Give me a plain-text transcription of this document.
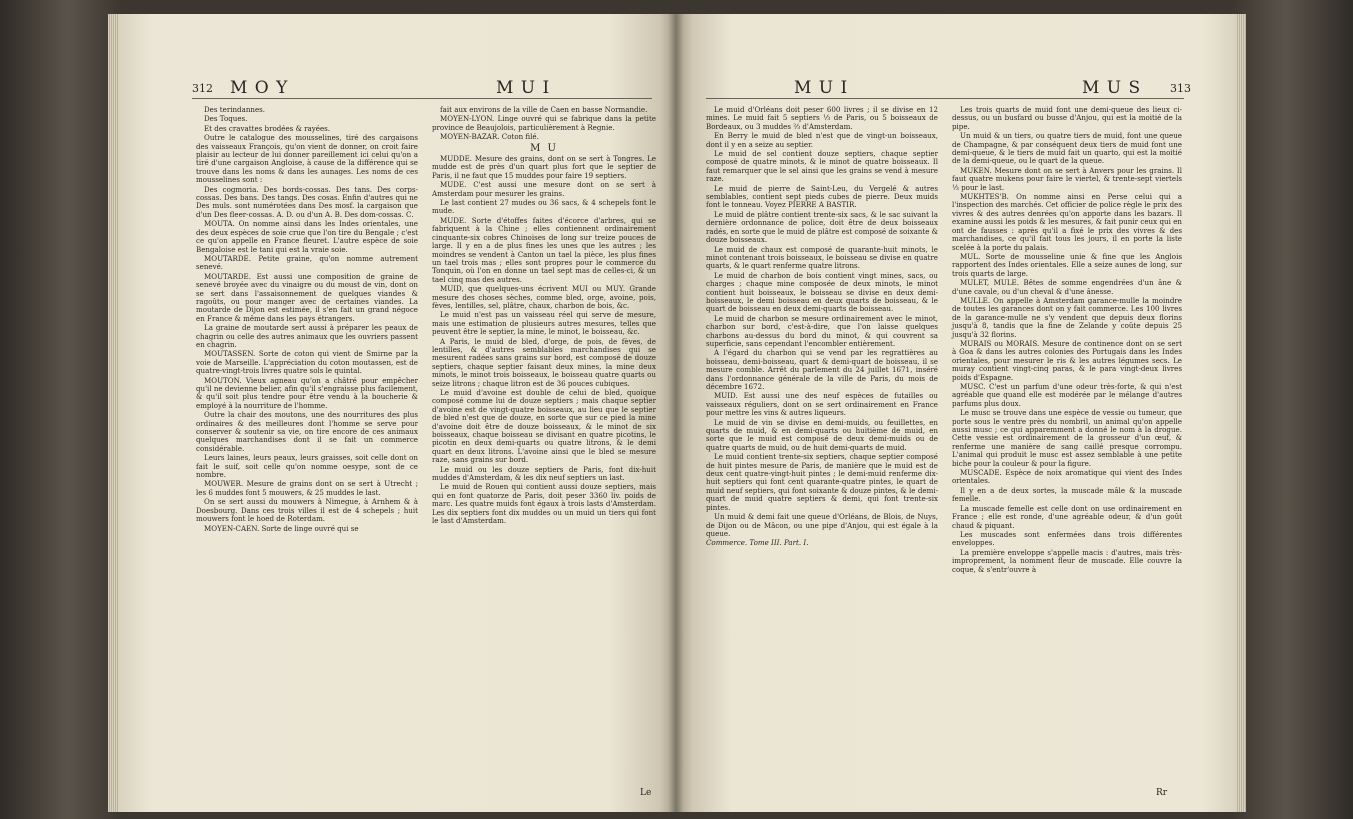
312 M O Y	M U I

Des terindannes.

Des Toques.

Et des cravattes brodées & rayées.

Outre le catalogue des mousselines, tiré des cargaisons des vaisseaux François, qu'on vient de donner, on croit faire plaisir au lecteur de lui donner pareillement ici celui qu'on a tiré d'une cargaison Angloise, à cause de la différence qui se trouve dans les noms & dans les aunages. Les noms de ces mousselines sont :

Des cogmoria. Des bords-cossas. Des tans. Des corps-cossas. Des bans. Des tangs. Des cosas. Enfin d'autres qui ne Des muls. sont numérotées dans Des mosf. la cargaison que d'un Des fleer-cossas. A. D. ou d'un A. B. Des dom-cossas. C.

MOUTA. On nomme ainsi dans les Indes orientales, une des deux espèces de soie crue que l'on tire du Bengale ; c'est ce qu'on appelle en France fleuret. L'autre espèce de soie Bengaloise est le tani qui est la vraie soie.

MOUTARDE. Petite graine, qu'on nomme autrement senevé.

MOUTARDE. Est aussi une composition de graine de senevé broyée avec du vinaigre ou du moust de vin, dont on se sert dans l'assaisonnement de quelques viandes & ragoûts, ou pour manger avec de certaines viandes. La moutarde de Dijon est estimée, il s'en fait un grand négoce en France & même dans les pays étrangers.

La graine de moutarde sert aussi à préparer les peaux de chagrin ou celle des autres animaux que les ouvriers passent en chagrin.

MOUTASSEN. Sorte de coton qui vient de Smirne par la voie de Marseille. L'appréciation du coton moutassen, est de quatre-vingt-trois livres quatre sols le quintal.

MOUTON. Vieux agneau qu'on a châtré pour empêcher qu'il ne devienne belier, afin qu'il s'engraisse plus facilement, & qu'il soit plus tendre pour être vendu à la boucherie & employé à la nourriture de l'homme.

Outre la chair des moutons, une des nourritures des plus ordinaires & des meilleures dont l'homme se serve pour conserver & soutenir sa vie, on tire encore de ces animaux quelques marchandises dont il se fait un commerce considérable.

Leurs laines, leurs peaux, leurs graisses, soit celle dont on fait le suif, soit celle qu'on nomme oesype, sont de ce nombre.

MOUWER. Mesure de grains dont on se sert à Utrecht ; les 6 muddes font 5 mouwers, & 25 muddes le last.

On se sert aussi du mouwers à Nimegue, à Arnhem & à Doesbourg. Dans ces trois villes il est de 4 schepels ; huit mouwers font le hoed de Roterdam.

MOYEN-CAEN. Sorte de linge ouvré qui se

fait aux environs de la ville de Caen en basse Normandie.

MOYEN-LYON. Linge ouvré qui se fabrique dans la petite province de Beaujolois, particulièrement à Regnie.

MOYEN-BAZAR. Coton filé.

M U

MUDDE. Mesure des grains, dont on se sert à Tongres. Le mudde est de près d'un quart plus fort que le septier de Paris, il ne faut que 15 muddes pour faire 19 septiers.

MUDE. C'est aussi une mesure dont on se sert à Amsterdam pour mesurer les grains.

Le last contient 27 mudes ou 36 sacs, & 4 schepels font le mude.

MUDE. Sorte d'étoffes faites d'écorce d'arbres, qui se fabriquent à la Chine ; elles contiennent ordinairement cinquante-six cobres Chinoises de long sur treize pouces de large. Il y en a de plus fines les unes que les autres ; les moindres se vendent à Canton un tael la pièce, les plus fines un tael trois mas ; elles sont propres pour le commerce du Tonquin, où l'on en donne un tael sept mas de celles-ci, & un tael cinq mas des autres.

MUID, que quelques-uns écrivent MUI ou MUY. Grande mesure des choses sèches, comme bled, orge, avoine, pois, fèves, lentilles, sel, plâtre, chaux, charbon de bois, &c.

Le muid n'est pas un vaisseau réel qui serve de mesure, mais une estimation de plusieurs autres mesures, telles que peuvent être le septier, la mine, le minot, le boisseau, &c.

A Paris, le muid de bled, d'orge, de pois, de fèves, de lentilles, & d'autres semblables marchandises qui se mesurent radées sans grains sur bord, est composé de douze septiers, chaque septier faisant deux mines, la mine deux minots, le minot trois boisseaux, le boisseau quatre quarts ou seize litrons ; chaque litron est de 36 pouces cubiques.

Le muid d'avoine est double de celui de bled, quoique composé comme lui de douze septiers ; mais chaque septier d'avoine est de vingt-quatre boisseaux, au lieu que le septier de bled n'est que de douze, en sorte que sur ce pied la mine d'avoine doit être de douze boisseaux, & le minot de six boisseaux, chaque boisseau se divisant en quatre picotins, le picotin en deux demi-quarts ou quatre litrons, & le demi quart en deux litrons. L'avoine ainsi que le bled se mesure raze, sans grains sur bord.

Le muid ou les douze septiers de Paris, font dix-huit muddes d'Amsterdam, & les dix neuf septiers un last.

Le muid de Rouen qui contient aussi douze septiers, mais qui en font quatorze de Paris, doit peser 3360 liv. poids de marc. Les quatre muids font égaux à trois lasts d'Amsterdam. Les dix septiers font dix muddes ou un muid un tiers qui font le last d'Amsterdam.

Le
M U I	M U S	313

Le muid d'Orléans doit peser 600 livres ; il se divise en 12 mines. Le muid fait 5 septiers ⅓ de Paris, ou 5 boisseaux de Bordeaux, ou 3 muddes ⅔ d'Amsterdam.

En Berry le muid de bled n'est que de vingt-un boisseaux, dont il y en a seize au septier.

Le muid de sel contient douze septiers, chaque septier composé de quatre minots, & le minot de quatre boisseaux. Il faut remarquer que le sel ainsi que les grains se vend à mesure raze.

Le muid de pierre de Saint-Leu, du Vergelé & autres semblables, contient sept pieds cubes de pierre. Deux muids font le tonneau. Voyez PIERRE A BASTIR.

Le muid de plâtre contient trente-six sacs, & le sac suivant la dernière ordonnance de police, doit être de deux boisseaux radés, en sorte que le muid de plâtre est composé de soixante & douze boisseaux.

Le muid de chaux est composé de quarante-huit minots, le minot contenant trois boisseaux, le boisseau se divise en quatre quarts, & le quart renferme quatre litrons.

Le muid de charbon de bois contient vingt mines, sacs, ou charges ; chaque mine composée de deux minots, le minot contient huit boisseaux, le boisseau se divise en deux demi-boisseaux, le demi boisseau en deux quarts de boisseau, & le quart de boisseau en deux demi-quarts de boisseau.

Le muid de charbon se mesure ordinairement avec le minot, charbon sur bord, c'est-à-dire, que l'on laisse quelques charbons au-dessus du bord du minot, & qui couvrent sa superficie, sans cependant l'encombler entièrement.

A l'égard du charbon qui se vend par les regrattières au boisseau, demi-boisseau, quart & demi-quart de boisseau, il se mesure comble. Arrêt du parlement du 24 juillet 1671, inséré dans l'ordonnance générale de la ville de Paris, du mois de décembre 1672.

MUID. Est aussi une des neuf espèces de futailles ou vaisseaux réguliers, dont on se sert ordinairement en France pour mettre les vins & autres liqueurs.

Le muid de vin se divise en demi-muids, ou feuillettes, en quarts de muid, & en demi-quarts ou huitième de muid, en sorte que le muid est composé de deux demi-muids ou de quatre quarts de muid, ou de huit demi-quarts de muid.

Le muid contient trente-six septiers, chaque septier composé de huit pintes mesure de Paris, de manière que le muid est de deux cent quatre-vingt-huit pintes ; le demi-muid renferme dix-huit septiers qui font cent quarante-quatre pintes, le quart de muid neuf septiers, qui font soixante & douze pintes, & le demi-quart de muid quatre septiers & demi, qui font trente-six pintes.

Un muid & demi fait une queue d'Orléans, de Blois, de Nuys, de Dijon ou de Mâcon, ou une pipe d'Anjou, qui est égale à la queue.

Commerce. Tome III. Part. I.

Les trois quarts de muid font une demi-queue des lieux ci-dessus, ou un busfard ou busse d'Anjou, qui est la moitié de la pipe.

Un muid & un tiers, ou quatre tiers de muid, font une queue de Champagne, & par conséquent deux tiers de muid font une demi-queue, & le tiers de muid fait un quarto, qui est la moitié de la demi-queue, ou le quart de la queue.

MUKEN. Mesure dont on se sert à Anvers pour les grains. Il faut quatre mukens pour faire le viertel, & trente-sept viertels ⅓ pour le last.

MUKHTES'B. On nomme ainsi en Perse celui qui a l'inspection des marchés. Cet officier de police règle le prix des vivres & des autres denrées qu'on apporte dans les bazars. Il examine aussi les poids & les mesures, & fait punir ceux qui en ont de fausses : après qu'il a fixé le prix des vivres & des marchandises, ce qu'il fait tous les jours, il en porte la liste scelée à la porte du palais.

MUL. Sorte de mousseline unie & fine que les Anglois rapportent des Indes orientales. Elle a seize aunes de long, sur trois quarts de large.

MULET, MULE. Bêtes de somme engendrées d'un âne & d'une cavale, ou d'un cheval & d'une ânesse.

MULLE. On appelle à Amsterdam garance-mulle la moindre de toutes les garances dont on y fait commerce. Les 100 livres de la garance-mulle ne s'y vendent que depuis deux florins jusqu'à 8, tandis que la fine de Zelande y coûte depuis 25 jusqu'à 32 florins.

MURAIS ou MORAIS. Mesure de continence dont on se sert à Goa & dans les autres colonies des Portugais dans les Indes orientales, pour mesurer le ris & les autres légumes secs. Le muray contient vingt-cinq paras, & le para vingt-deux livres poids d'Espagne.

MUSC. C'est un parfum d'une odeur très-forte, & qui n'est agréable que quand elle est modérée par le mélange d'autres parfums plus doux.

Le musc se trouve dans une espèce de vessie ou tumeur, que porte sous le ventre près du nombril, un animal qu'on appelle aussi musc ; ce qui apparemment a donné le nom à la drogue. Cette vessie est ordinairement de la grosseur d'un œuf, & renferme une manière de sang caillé presque corrompu. L'animal qui produit le musc est assez semblable à une petite biche pour la couleur & pour la figure.

MUSCADE. Espèce de noix aromatique qui vient des Indes orientales.

Il y en a de deux sortes, la muscade mâle & la muscade femelle.

La muscade femelle est celle dont on use ordinairement en France ; elle est ronde, d'une agréable odeur, & d'un goût chaud & piquant.

Les muscades sont enfermées dans trois différentes enveloppes.

La première enveloppe s'appelle macis : d'autres, mais très-improprement, la nomment fleur de muscade. Elle couvre la coque, & s'entr'ouvre à

Rr
